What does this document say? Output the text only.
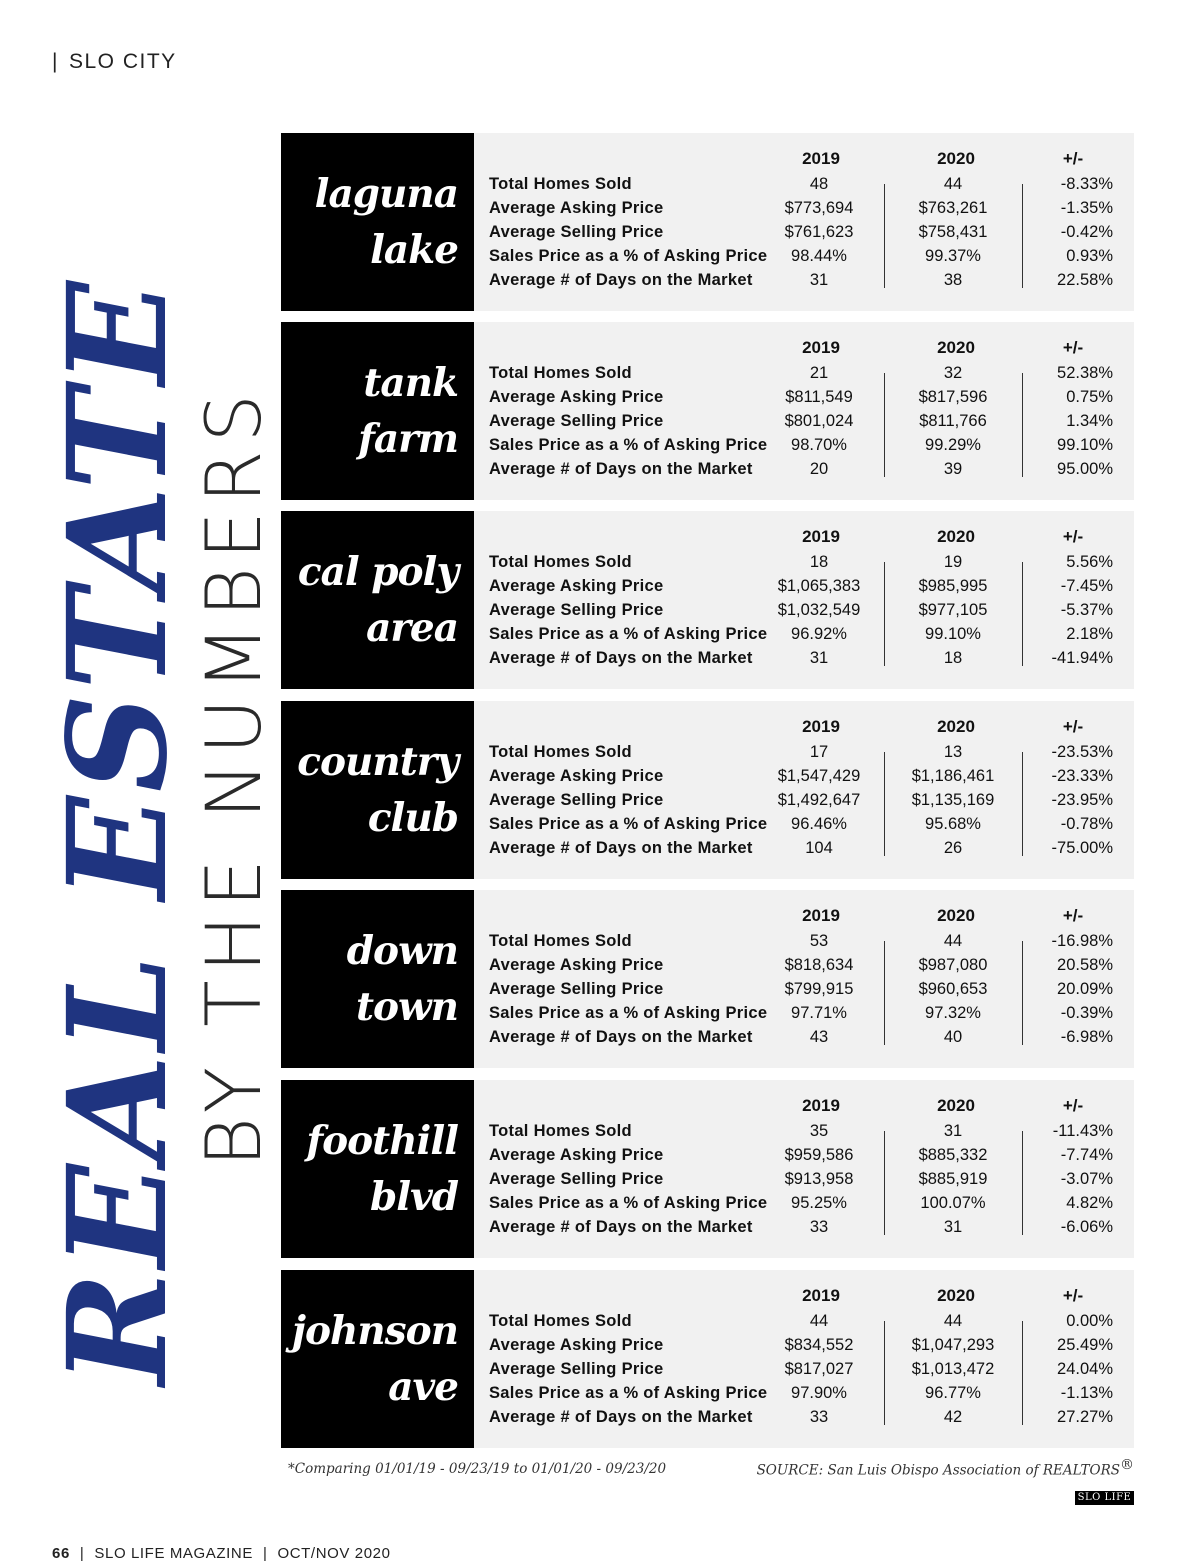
| SLO CITY
REAL ESTATE
BY THE NUMBERS
laguna
lake
2019	2020	+/-
Total Homes Sold	48	44	-8.33%
Average Asking Price	$773,694	$763,261	-1.35%
Average Selling Price	$761,623	$758,431	-0.42%
Sales Price as a % of Asking Price	98.44%	99.37%	0.93%
Average # of Days on the Market	31	38	22.58%
tank
farm
2019	2020	+/-
Total Homes Sold	21	32	52.38%
Average Asking Price	$811,549	$817,596	0.75%
Average Selling Price	$801,024	$811,766	1.34%
Sales Price as a % of Asking Price	98.70%	99.29%	99.10%
Average # of Days on the Market	20	39	95.00%
cal poly
area
2019	2020	+/-
Total Homes Sold	18	19	5.56%
Average Asking Price	$1,065,383	$985,995	-7.45%
Average Selling Price	$1,032,549	$977,105	-5.37%
Sales Price as a % of Asking Price	96.92%	99.10%	2.18%
Average # of Days on the Market	31	18	-41.94%
country
club
2019	2020	+/-
Total Homes Sold	17	13	-23.53%
Average Asking Price	$1,547,429	$1,186,461	-23.33%
Average Selling Price	$1,492,647	$1,135,169	-23.95%
Sales Price as a % of Asking Price	96.46%	95.68%	-0.78%
Average # of Days on the Market	104	26	-75.00%
down
town
2019	2020	+/-
Total Homes Sold	53	44	-16.98%
Average Asking Price	$818,634	$987,080	20.58%
Average Selling Price	$799,915	$960,653	20.09%
Sales Price as a % of Asking Price	97.71%	97.32%	-0.39%
Average # of Days on the Market	43	40	-6.98%
foothill
blvd
2019	2020	+/-
Total Homes Sold	35	31	-11.43%
Average Asking Price	$959,586	$885,332	-7.74%
Average Selling Price	$913,958	$885,919	-3.07%
Sales Price as a % of Asking Price	95.25%	100.07%	4.82%
Average # of Days on the Market	33	31	-6.06%
johnson
ave
2019	2020	+/-
Total Homes Sold	44	44	0.00%
Average Asking Price	$834,552	$1,047,293	25.49%
Average Selling Price	$817,027	$1,013,472	24.04%
Sales Price as a % of Asking Price	97.90%	96.77%	-1.13%
Average # of Days on the Market	33	42	27.27%
*Comparing 01/01/19 - 09/23/19 to 01/01/20 - 09/23/20	SOURCE: San Luis Obispo Association of REALTORS®
SLO LIFE
66 | SLO LIFE MAGAZINE | OCT/NOV 2020
